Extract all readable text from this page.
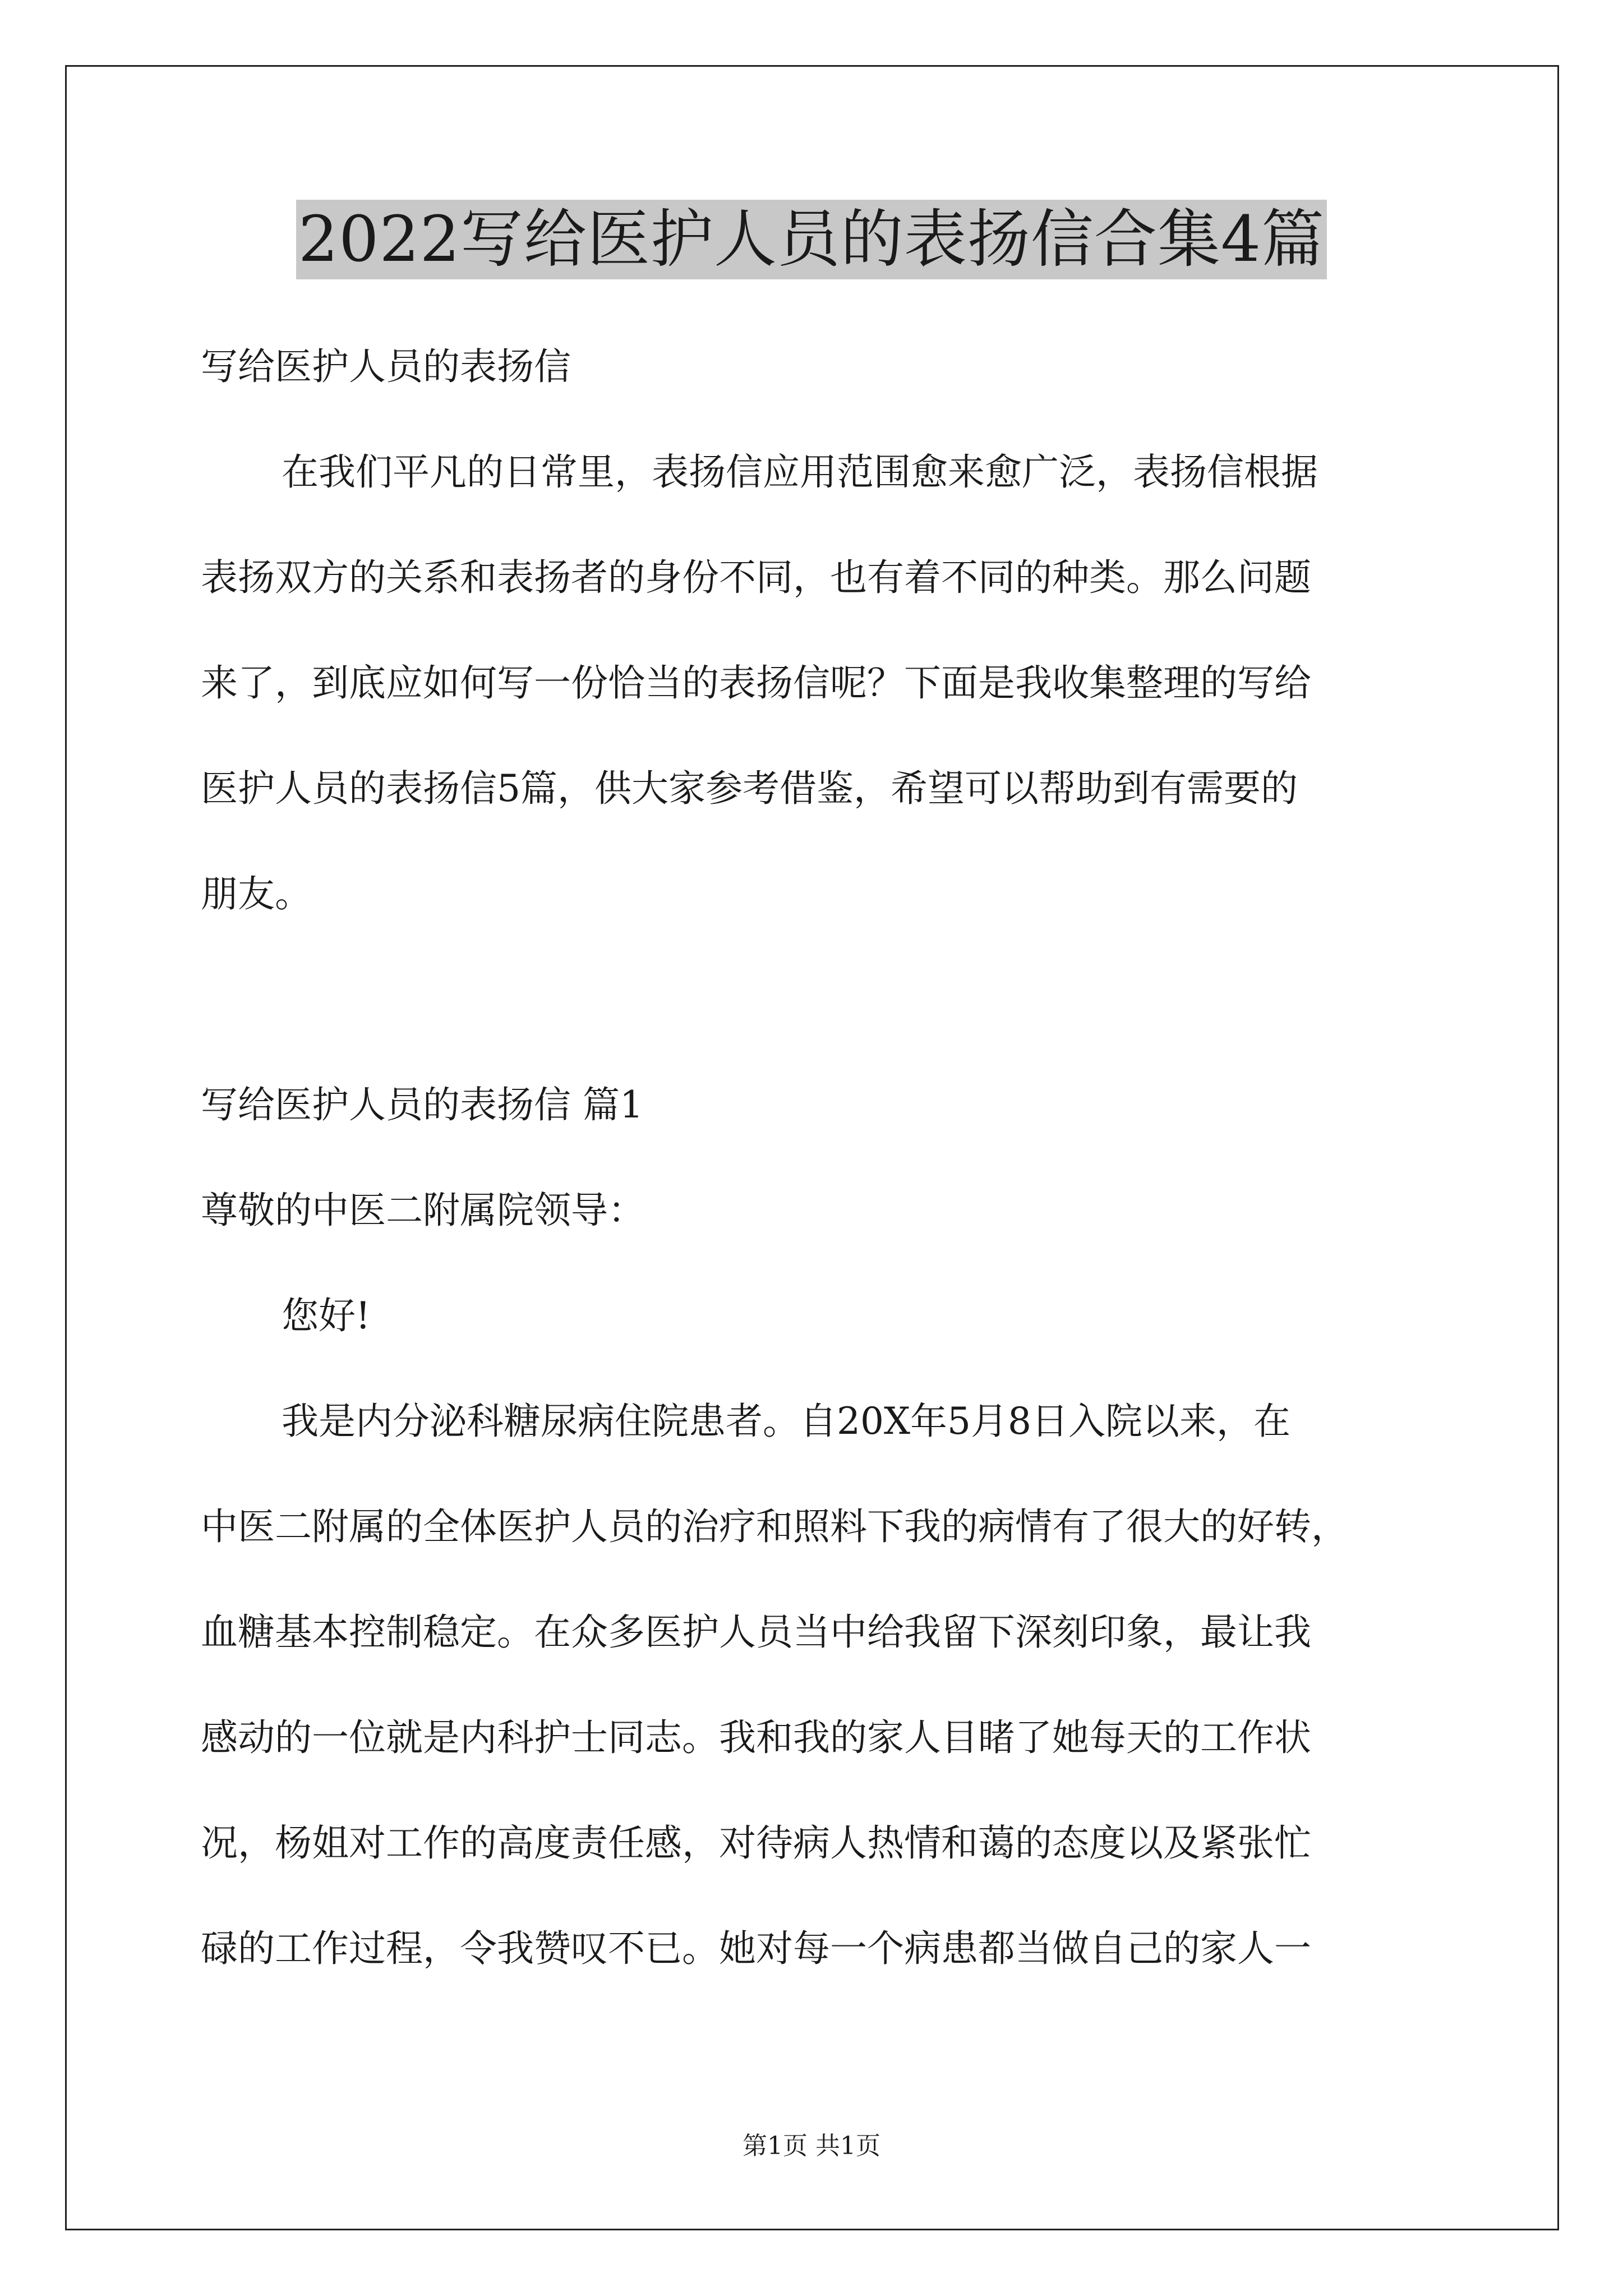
2022写给医护人员的表扬信合集4篇
写给医护人员的表扬信
在我们平凡的日常里，表扬信应用范围愈来愈广泛，表扬信根据
表扬双方的关系和表扬者的身份不同，也有着不同的种类。那么问题
来了，到底应如何写一份恰当的表扬信呢？下面是我收集整理的写给
医护人员的表扬信5篇，供大家参考借鉴，希望可以帮助到有需要的
朋友。
写给医护人员的表扬信 篇1
尊敬的中医二附属院领导：
您好!
我是内分泌科糖尿病住院患者。自20X年5月8日入院以来，在
中医二附属的全体医护人员的治疗和照料下我的病情有了很大的好转，
血糖基本控制稳定。在众多医护人员当中给我留下深刻印象，最让我
感动的一位就是内科护士同志。我和我的家人目睹了她每天的工作状
况，杨姐对工作的高度责任感，对待病人热情和蔼的态度以及紧张忙
碌的工作过程，令我赞叹不已。她对每一个病患都当做自己的家人一
第1页 共1页
